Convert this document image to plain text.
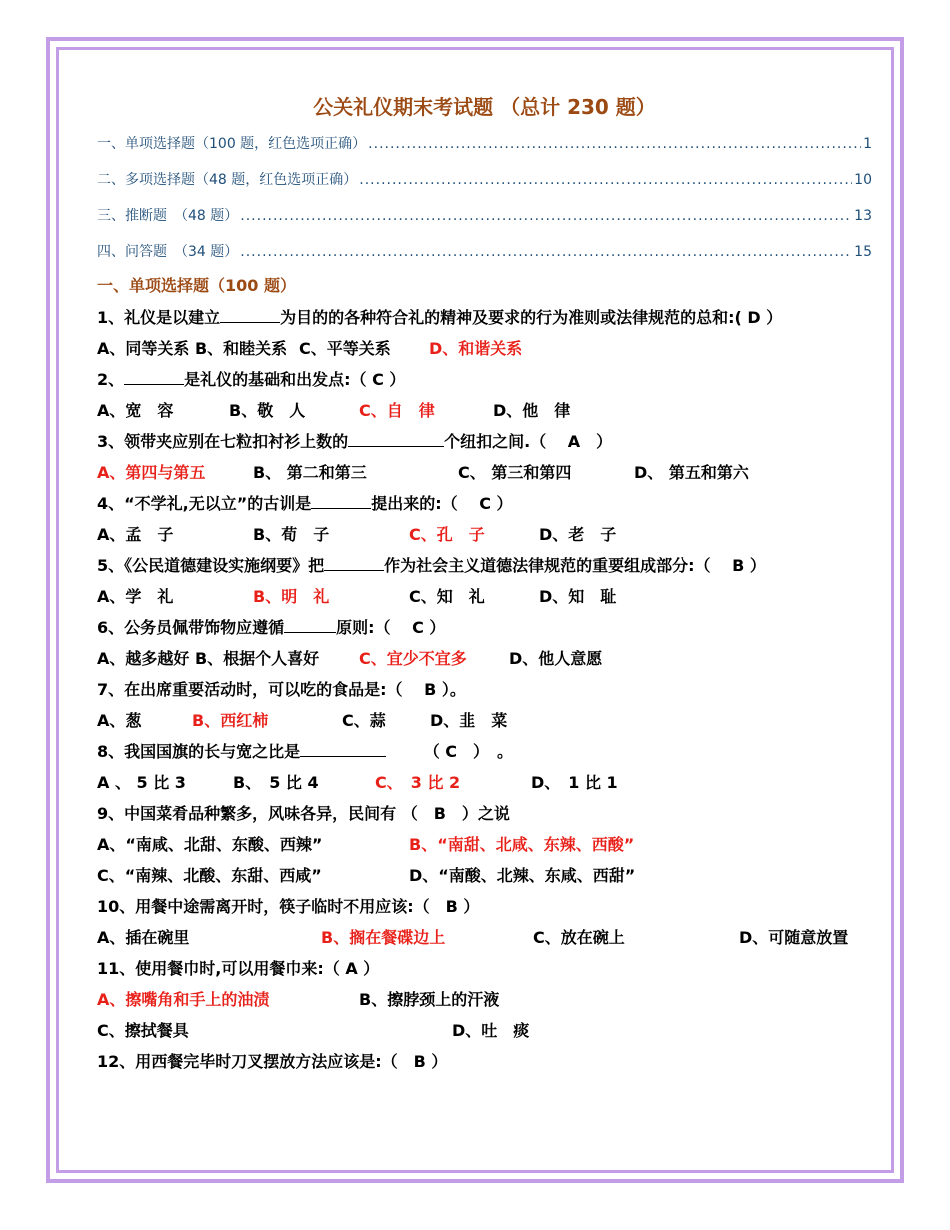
公关礼仪期末考试题 （总计 230 题）
一、单项选择题（100 题，红色选项正确） .....	1
二、多项选择题（48 题，红色选项正确） .....	10
三、推断题　（48 题） .....	13
四、问答题　（34 题） .....	15
一、单项选择题（100 题）

1、礼仪是以建立	为目的的各种符合礼的精神及要求的行为准则或法律规范的总和:( D ）

A、同等关系 B、和睦关系 C、平等关系	D、和谐关系

2、	是礼仪的基础和出发点:（ C ）

A、宽　容	B、敬　人	C、自　律	D、他　律

3、领带夹应别在七粒扣衬衫上数的	个纽扣之间.（　 A　）

A、第四与第五	B、 第二和第三	C、 第三和第四	D、 第五和第六

4、“不学礼,无以立”的古训是	提出来的:（　 C ）

A、孟　子	B、荀　子	C、孔　子	D、老　子

5、《公民道德建设实施纲要》把	作为社会主义道德法律规范的重要组成部分:（　 B ）

A、学　礼	B、明　礼	C、知　礼	D、知　耻

6、公务员佩带饰物应遵循	原则:（　 C ）

A、越多越好 B、根据个人喜好	C、宜少不宜多	D、他人意愿

7、在出席重要活动时，可以吃的食品是:（　 B ）。

A、葱	B、西红柿	C、蒜	D、韭　菜

8、我国国旗的长与宽之比是	　　 （ C　）　。

A 、 5 比 3	B、　5 比 4	C、　3 比 2	D、　1 比 1

9、中国菜肴品种繁多，风味各异，民间有 （　B　）之说

A、“南咸、北甜、东酸、西辣”	B、“南甜、北咸、东辣、西酸”
C、“南辣、北酸、东甜、西咸”	D、“南酸、北辣、东咸、西甜”

10、用餐中途需离开时，筷子临时不用应该:（　B ）

A、插在碗里	B、搁在餐碟边上	C、放在碗上	D、可随意放置

11、使用餐巾时,可以用餐巾来:（ A ）

A、擦嘴角和手上的油渍	B、擦脖颈上的汗液
C、擦拭餐具	D、吐　痰

12、用西餐完毕时刀叉摆放方法应该是:（　B ）
